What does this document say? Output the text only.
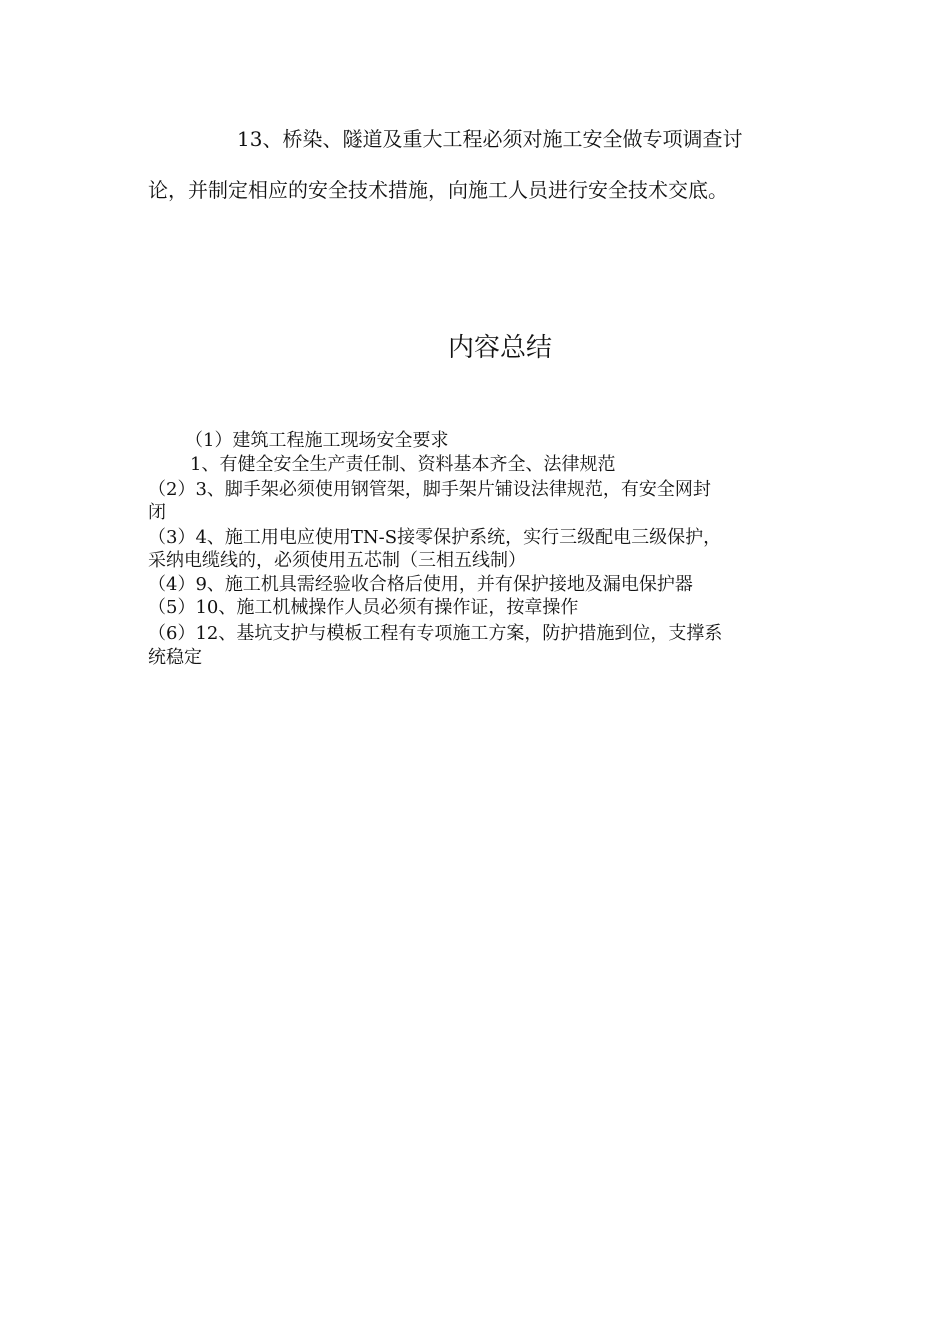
13、桥染、隧道及重大工程必须对施工安全做专项调查讨
论，并制定相应的安全技术措施，向施工人员进行安全技术交底。
内容总结
（1）建筑工程施工现场安全要求
1、有健全安全生产责任制、资料基本齐全、法律规范
（2）3、脚手架必须使用钢管架，脚手架片铺设法律规范，有安全网封
闭
（3）4、施工用电应使用TN-S接零保护系统，实行三级配电三级保护，
采纳电缆线的，必须使用五芯制（三相五线制）
（4）9、施工机具需经验收合格后使用，并有保护接地及漏电保护器
（5）10、施工机械操作人员必须有操作证，按章操作
（6）12、基坑支护与模板工程有专项施工方案，防护措施到位，支撑系
统稳定
